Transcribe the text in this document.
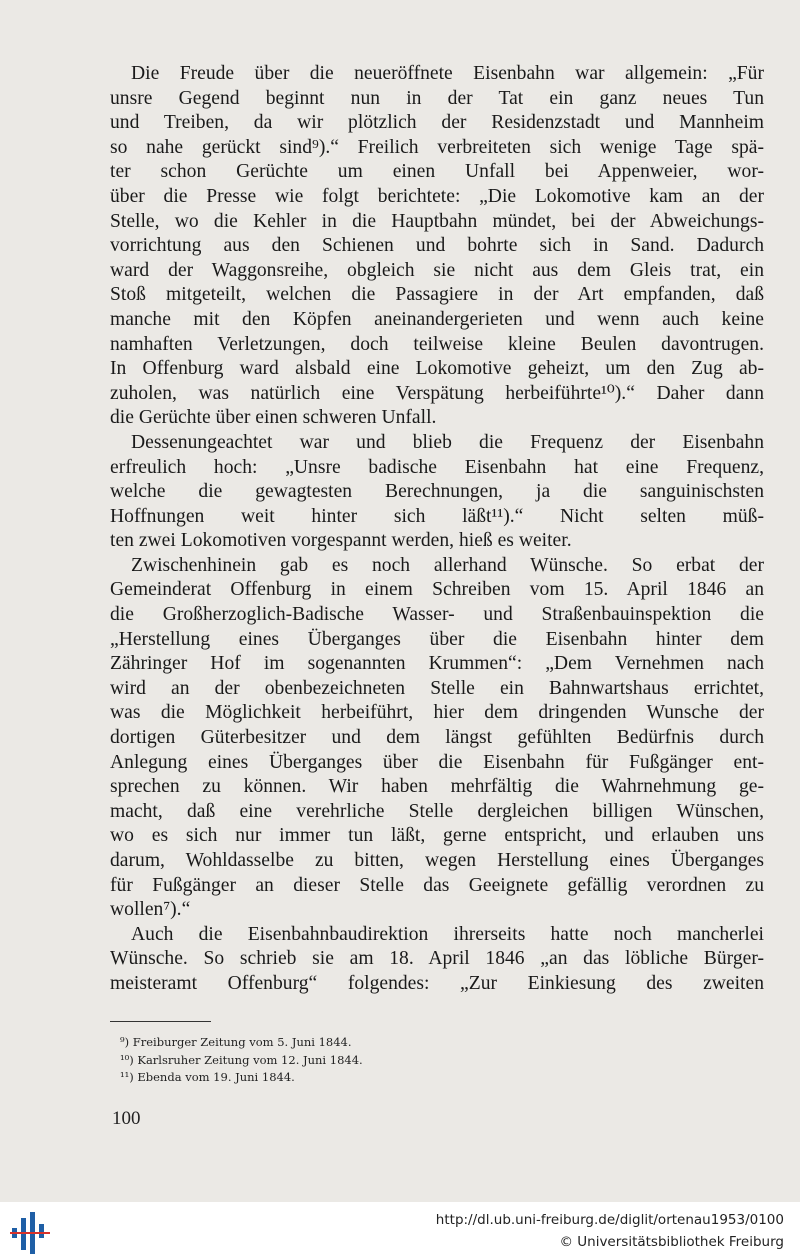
Die Freude über die neueröffnete Eisenbahn war allgemein: „Für
unsre Gegend beginnt nun in der Tat ein ganz neues Tun
und Treiben, da wir plötzlich der Residenzstadt und Mannheim
so nahe gerückt sind⁹).“ Freilich verbreiteten sich wenige Tage spä-
ter schon Gerüchte um einen Unfall bei Appenweier, wor-
über die Presse wie folgt berichtete: „Die Lokomotive kam an der
Stelle, wo die Kehler in die Hauptbahn mündet, bei der Abweichungs-
vorrichtung aus den Schienen und bohrte sich in Sand. Dadurch
ward der Waggonsreihe, obgleich sie nicht aus dem Gleis trat, ein
Stoß mitgeteilt, welchen die Passagiere in der Art empfanden, daß
manche mit den Köpfen aneinandergerieten und wenn auch keine
namhaften Verletzungen, doch teilweise kleine Beulen davontrugen.
In Offenburg ward alsbald eine Lokomotive geheizt, um den Zug ab-
zuholen, was natürlich eine Verspätung herbeiführte¹⁰).“ Daher dann
die Gerüchte über einen schweren Unfall.
Dessenungeachtet war und blieb die Frequenz der Eisenbahn
erfreulich hoch: „Unsre badische Eisenbahn hat eine Frequenz,
welche die gewagtesten Berechnungen, ja die sanguinischsten
Hoffnungen weit hinter sich läßt¹¹).“ Nicht selten müß-
ten zwei Lokomotiven vorgespannt werden, hieß es weiter.
Zwischenhinein gab es noch allerhand Wünsche. So erbat der
Gemeinderat Offenburg in einem Schreiben vom 15. April 1846 an
die Großherzoglich-Badische Wasser- und Straßenbauinspektion die
„Herstellung eines Überganges über die Eisenbahn hinter dem
Zähringer Hof im sogenannten Krummen“: „Dem Vernehmen nach
wird an der obenbezeichneten Stelle ein Bahnwartshaus errichtet,
was die Möglichkeit herbeiführt, hier dem dringenden Wunsche der
dortigen Güterbesitzer und dem längst gefühlten Bedürfnis durch
Anlegung eines Überganges über die Eisenbahn für Fußgänger ent-
sprechen zu können. Wir haben mehrfältig die Wahrnehmung ge-
macht, daß eine verehrliche Stelle dergleichen billigen Wünschen,
wo es sich nur immer tun läßt, gerne entspricht, und erlauben uns
darum, Wohldasselbe zu bitten, wegen Herstellung eines Überganges
für Fußgänger an dieser Stelle das Geeignete gefällig verordnen zu
wollen⁷).“
Auch die Eisenbahnbaudirektion ihrerseits hatte noch mancherlei
Wünsche. So schrieb sie am 18. April 1846 „an das löbliche Bürger-
meisteramt Offenburg“ folgendes: „Zur Einkiesung des zweiten
⁹) Freiburger Zeitung vom 5. Juni 1844.
¹⁰) Karlsruher Zeitung vom 12. Juni 1844.
¹¹) Ebenda vom 19. Juni 1844.
100
http://dl.ub.uni-freiburg.de/diglit/ortenau1953/0100
© Universitätsbibliothek Freiburg
